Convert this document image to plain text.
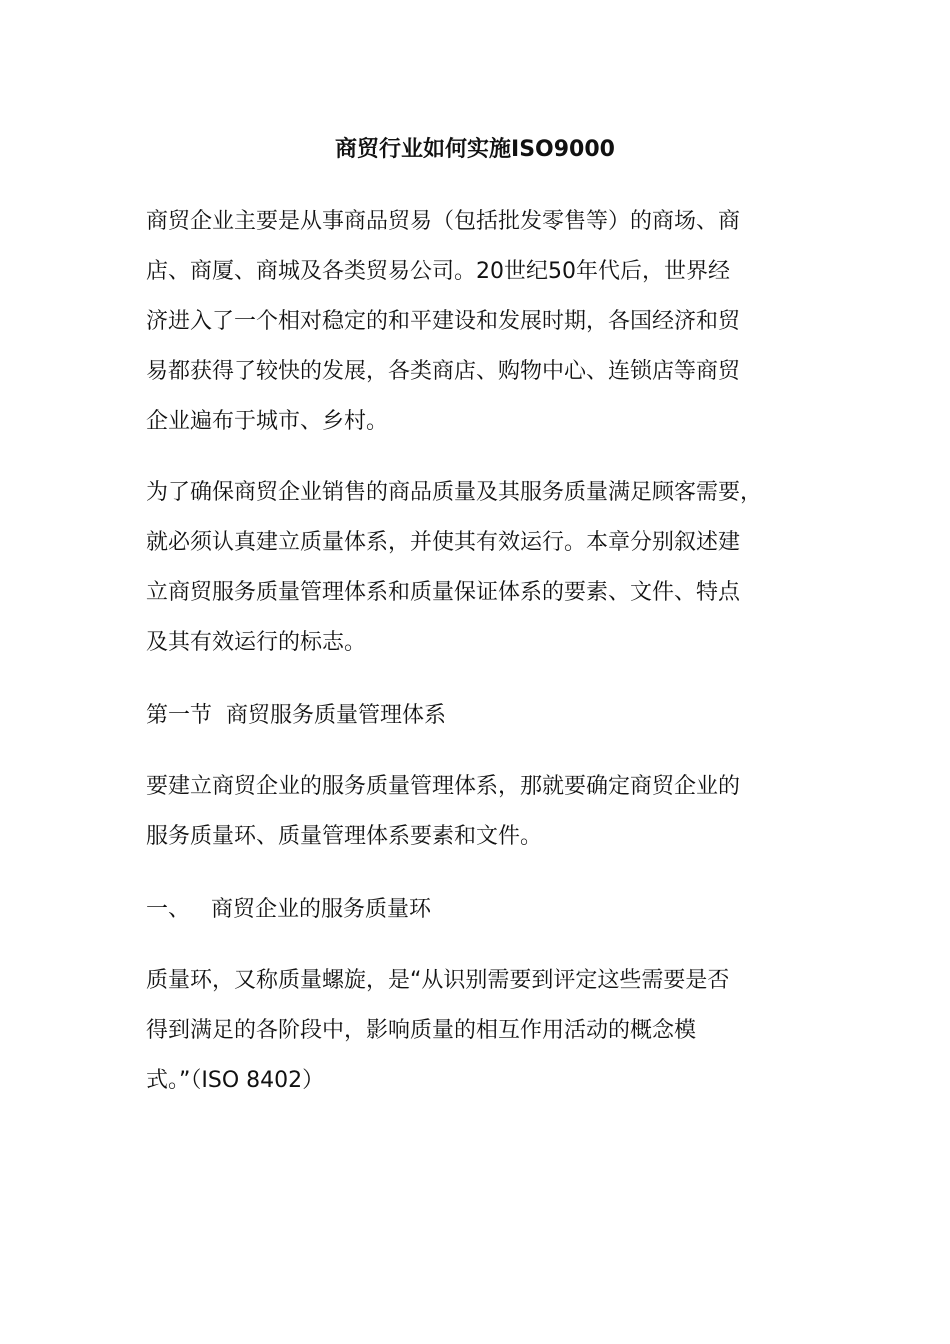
商贸行业如何实施ISO9000
商贸企业主要是从事商品贸易（包括批发零售等）的商场、商
店、商厦、商城及各类贸易公司。20世纪50年代后，世界经
济进入了一个相对稳定的和平建设和发展时期，各国经济和贸
易都获得了较快的发展，各类商店、购物中心、连锁店等商贸
企业遍布于城市、乡村。
为了确保商贸企业销售的商品质量及其服务质量满足顾客需要，
就必须认真建立质量体系，并使其有效运行。本章分别叙述建
立商贸服务质量管理体系和质量保证体系的要素、文件、特点
及其有效运行的标志。
第一节  商贸服务质量管理体系
要建立商贸企业的服务质量管理体系，那就要确定商贸企业的
服务质量环、质量管理体系要素和文件。
一、   商贸企业的服务质量环
质量环，又称质量螺旋，是“从识别需要到评定这些需要是否
得到满足的各阶段中，影响质量的相互作用活动的概念模
式。”（ISO 8402）
